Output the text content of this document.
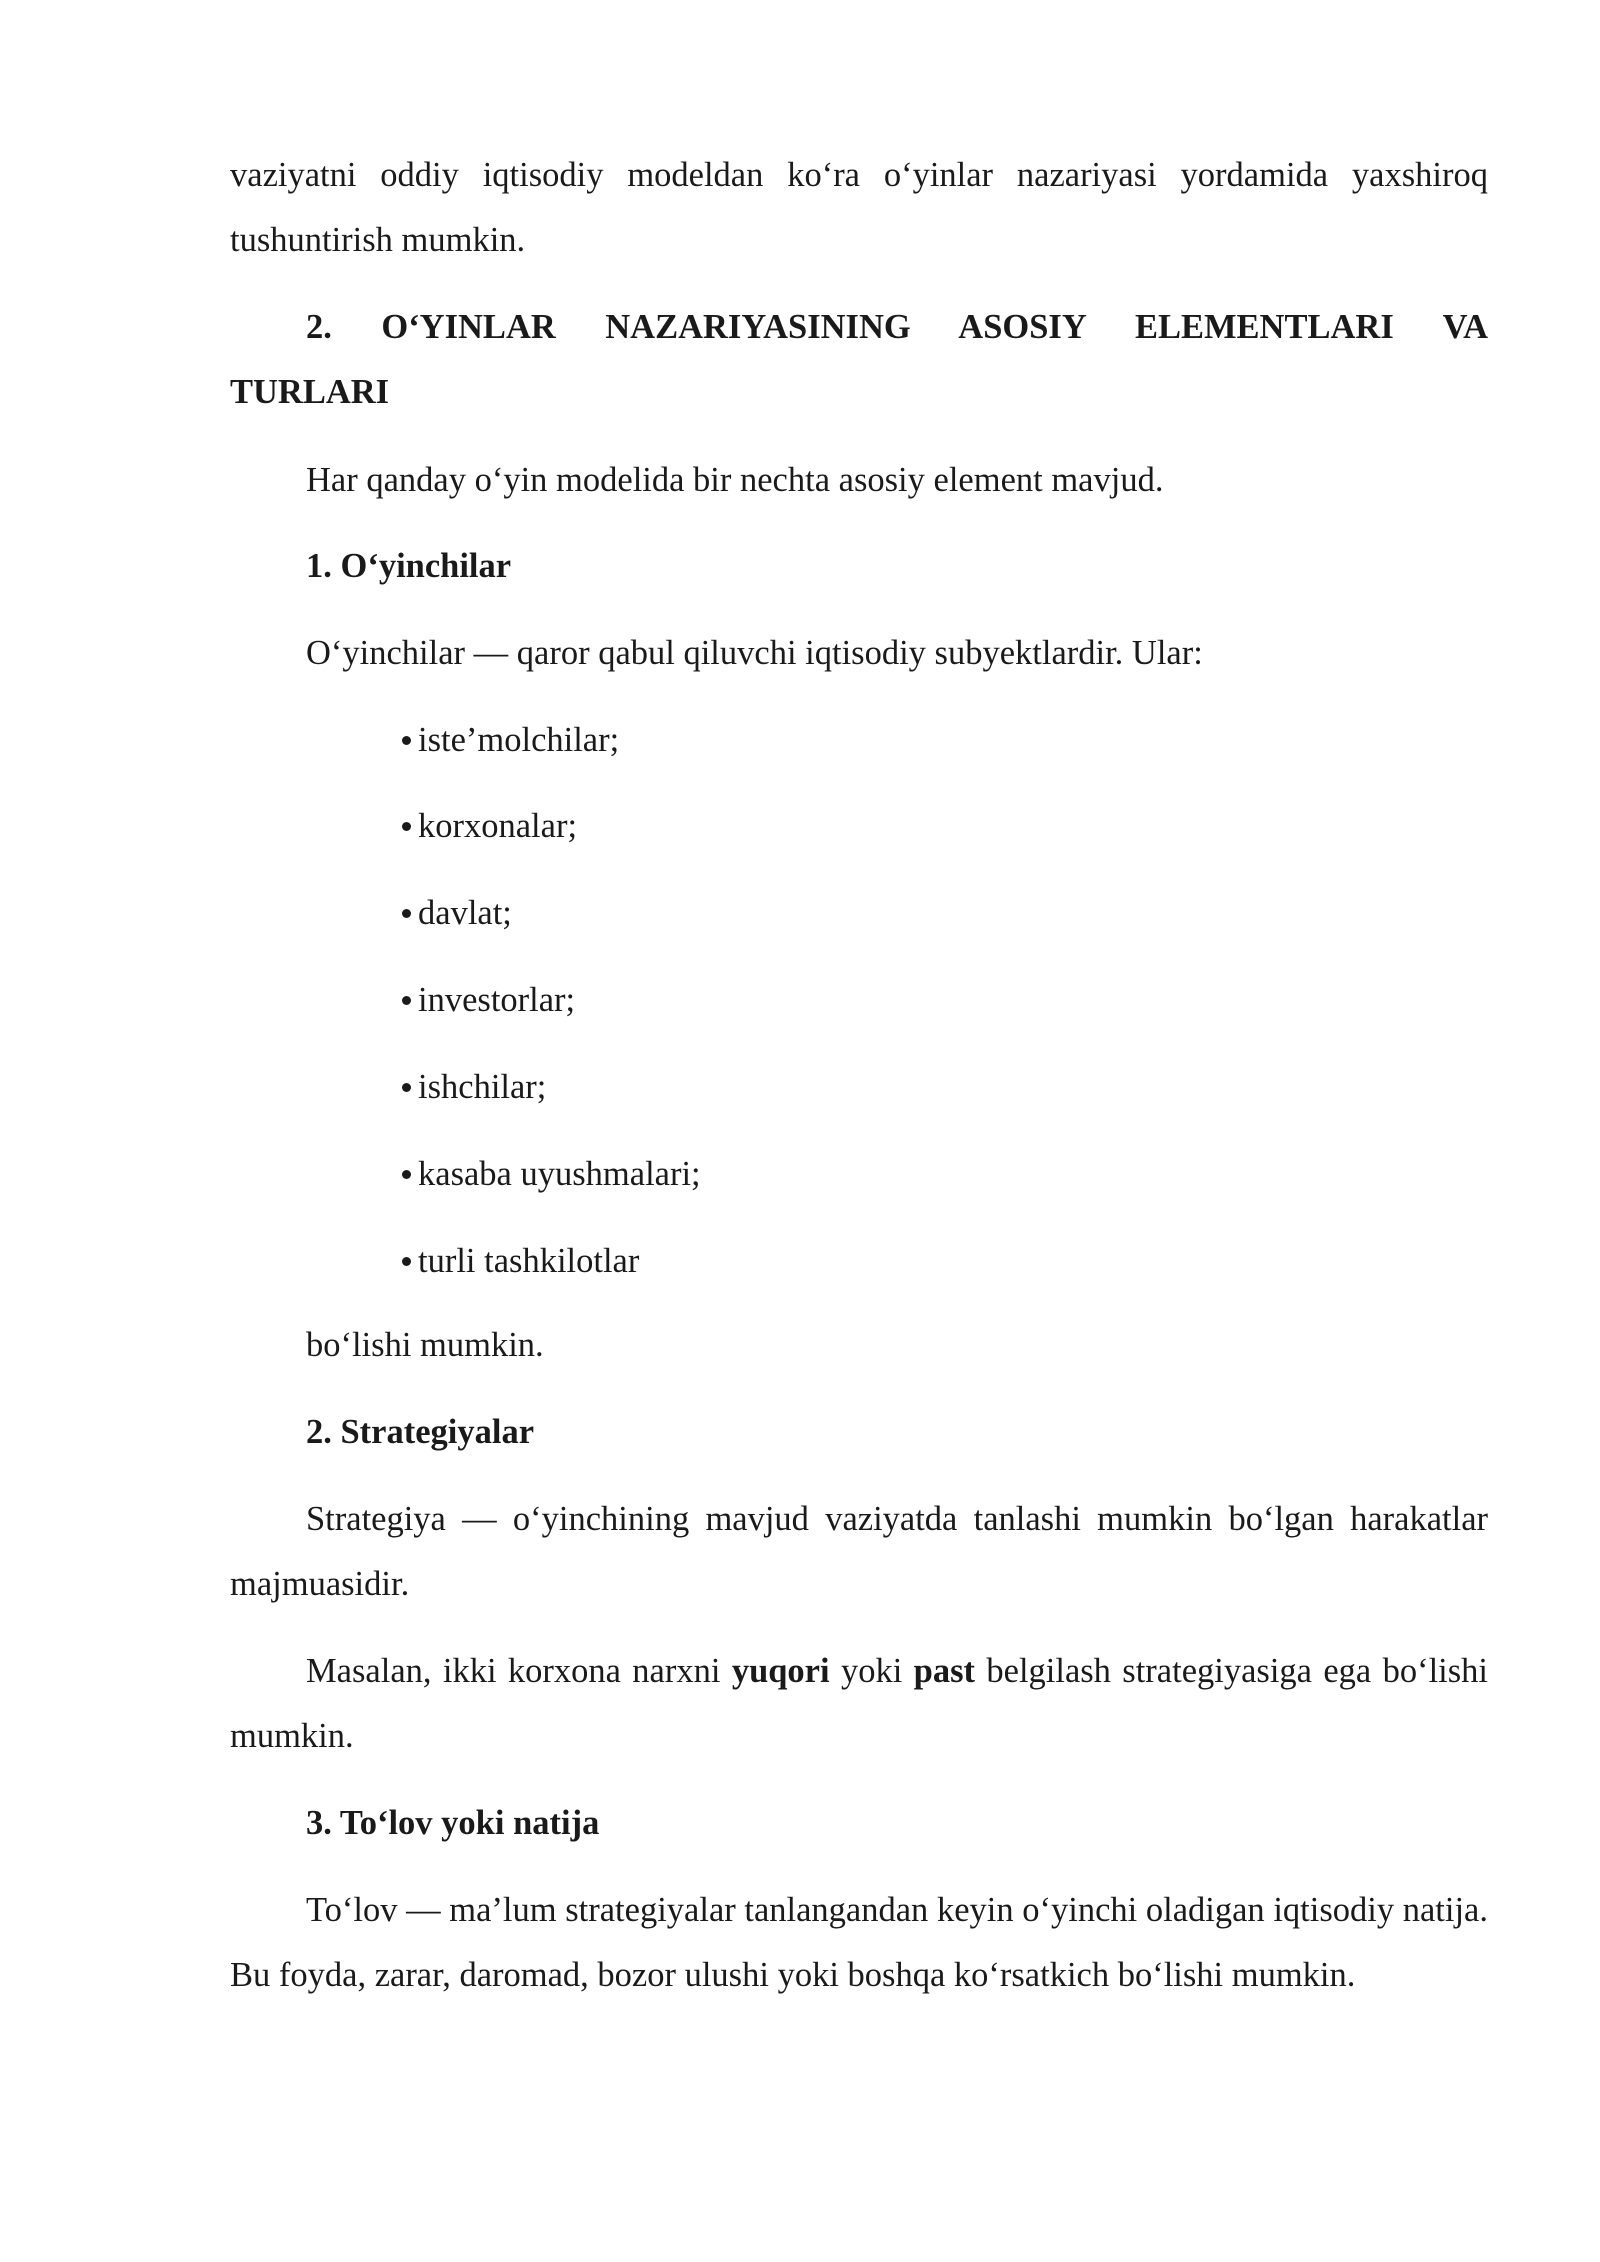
vaziyatni oddiy iqtisodiy modeldan ko‘ra o‘yinlar nazariyasi yordamida yaxshiroq tushuntirish mumkin.

2. O‘YINLAR NAZARIYASINING ASOSIY ELEMENTLARI VA TURLARI

Har qanday o‘yin modelida bir nechta asosiy element mavjud.

1. O‘yinchilar

O‘yinchilar — qaror qabul qiluvchi iqtisodiy subyektlardir. Ular:

iste’molchilar;

korxonalar;

davlat;

investorlar;

ishchilar;

kasaba uyushmalari;

turli tashkilotlar

bo‘lishi mumkin.

2. Strategiyalar

Strategiya — o‘yinchining mavjud vaziyatda tanlashi mumkin bo‘lgan harakatlar majmuasidir.

Masalan, ikki korxona narxni yuqori yoki past belgilash strategiyasiga ega bo‘lishi mumkin.

3. To‘lov yoki natija

To‘lov — ma’lum strategiyalar tanlangandan keyin o‘yinchi oladigan iqtisodiy natija. Bu foyda, zarar, daromad, bozor ulushi yoki boshqa ko‘rsatkich bo‘lishi mumkin.
